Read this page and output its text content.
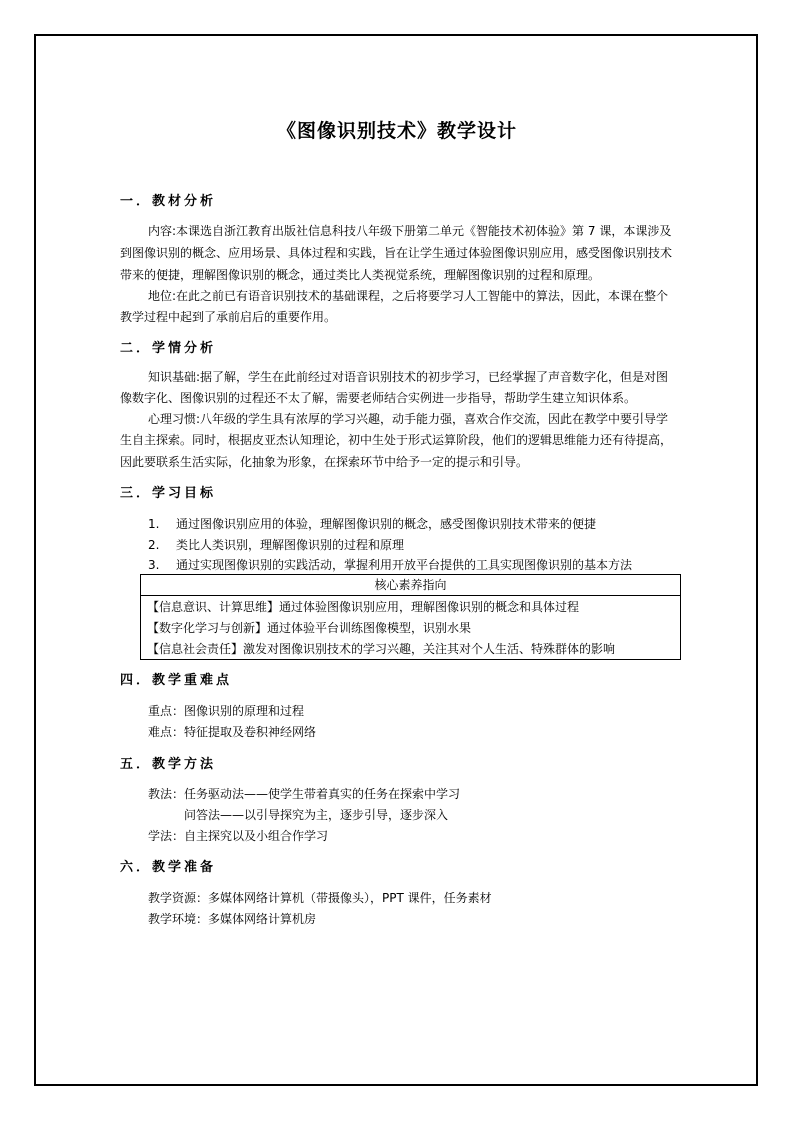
《图像识别技术》教学设计
一．教材分析
内容:本课选自浙江教育出版社信息科技八年级下册第二单元《智能技术初体验》第 7 课，本课涉及
到图像识别的概念、应用场景、具体过程和实践，旨在让学生通过体验图像识别应用，感受图像识别技术
带来的便捷，理解图像识别的概念，通过类比人类视觉系统，理解图像识别的过程和原理。
地位:在此之前已有语音识别技术的基础课程，之后将要学习人工智能中的算法，因此，本课在整个
教学过程中起到了承前启后的重要作用。
二．学情分析
知识基础:据了解，学生在此前经过对语音识别技术的初步学习，已经掌握了声音数字化，但是对图
像数字化、图像识别的过程还不太了解，需要老师结合实例进一步指导，帮助学生建立知识体系。
心理习惯:八年级的学生具有浓厚的学习兴趣，动手能力强，喜欢合作交流，因此在教学中要引导学
生自主探索。同时，根据皮亚杰认知理论，初中生处于形式运算阶段，他们的逻辑思维能力还有待提高，
因此要联系生活实际，化抽象为形象，在探索环节中给予一定的提示和引导。
三．学习目标
1. 通过图像识别应用的体验，理解图像识别的概念，感受图像识别技术带来的便捷
2. 类比人类识别，理解图像识别的过程和原理
3. 通过实现图像识别的实践活动，掌握利用开放平台提供的工具实现图像识别的基本方法
核心素养指向
【信息意识、计算思维】通过体验图像识别应用，理解图像识别的概念和具体过程
【数字化学习与创新】通过体验平台训练图像模型，识别水果
【信息社会责任】激发对图像识别技术的学习兴趣，关注其对个人生活、特殊群体的影响
四．教学重难点
重点：图像识别的原理和过程
难点：特征提取及卷积神经网络
五．教学方法
教法：任务驱动法——使学生带着真实的任务在探索中学习
问答法——以引导探究为主，逐步引导，逐步深入
学法：自主探究以及小组合作学习
六．教学准备
教学资源：多媒体网络计算机（带摄像头），PPT 课件，任务素材
教学环境：多媒体网络计算机房
